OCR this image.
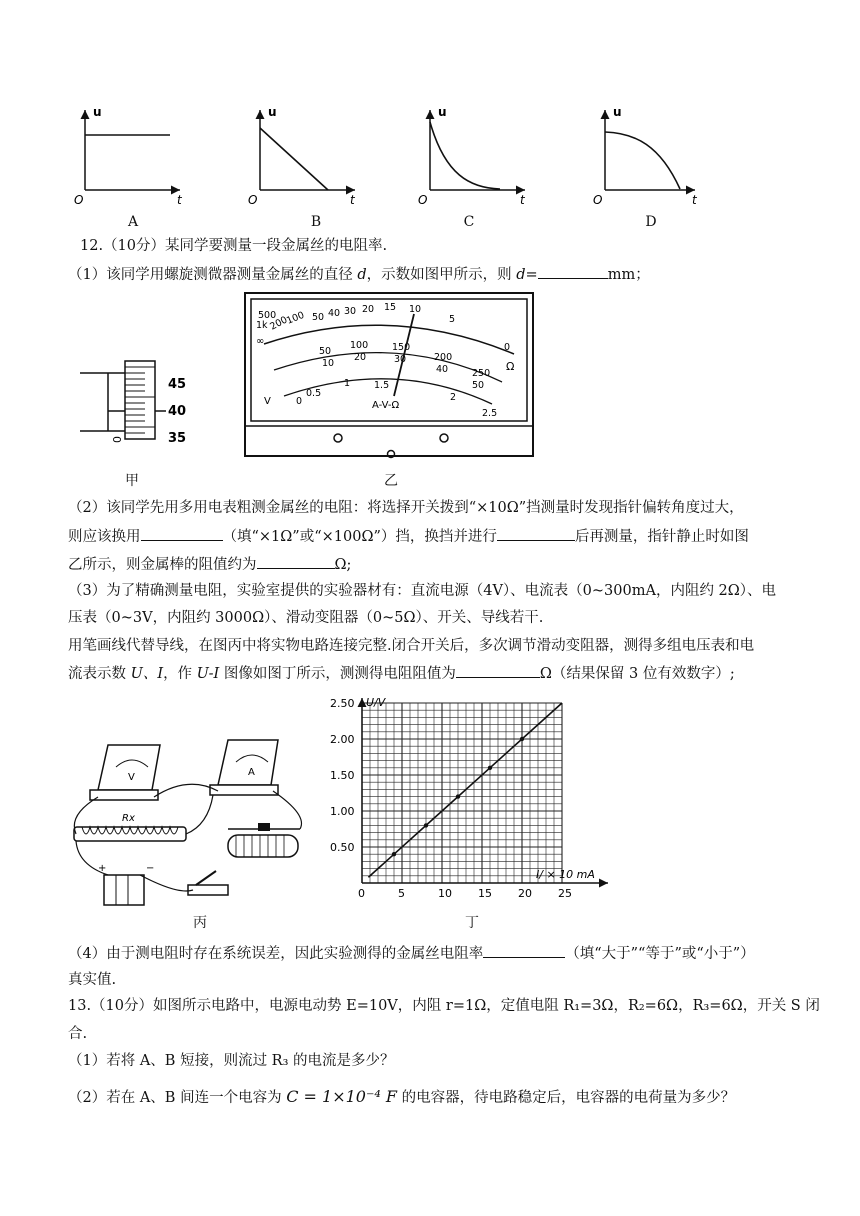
u
t
O
u
t
O
u
t
O
u
t
O
A	B	C	D
12.（10分）某同学要测量一段金属丝的电阻率.
（1）该同学用螺旋测微器测量金属丝的直径 d，示数如图甲所示，则 d=	mm；
0
45
40
35
甲
500
1k 200
100 50 40 30 20 15 10
5
0
∞
Ω
50
100	150
200
250
10
20	30
40
50
0
0.5
1	1.5
2
2.5
V	A-V-Ω
乙
（2）该同学先用多用电表粗测金属丝的电阻：将选择开关拨到“×10Ω”挡测量时发现指针偏转角度过大，
则应该换用	（填“×1Ω”或“×100Ω”）挡，换挡并进行	后再测量，指针静止时如图
乙所示，则金属棒的阻值约为	Ω;
（3）为了精确测量电阻，实验室提供的实验器材有：直流电源（4V）、电流表（0~300mA，内阻约 2Ω）、电
压表（0~3V，内阻约 3000Ω）、滑动变阻器（0~5Ω）、开关、导线若干.
用笔画线代替导线，在图丙中将实物电路连接完整.闭合开关后，多次调节滑动变阻器，测得多组电压表和电
流表示数 U、I，作 U-I 图像如图丁所示，测测得电阻阻值为	Ω（结果保留 3 位有效数字）;
V	A
Rx
+	−
丙
U/V
I/ × 10 mA
0	5	10 15 20 25
0.50
1.00
1.50
2.00
2.50
丁
（4）由于测电阻时存在系统误差，因此实验测得的金属丝电阻率	（填“大于”“等于”或“小于”）
真实值.
13.（10分）如图所示电路中，电源电动势 E=10V，内阻 r=1Ω，定值电阻 R₁=3Ω，R₂=6Ω，R₃=6Ω，开关 S 闭
合.
（1）若将 A、B 短接，则流过 R₃ 的电流是多少？
（2）若在 A、B 间连一个电容为 C = 1×10⁻⁴ F 的电容器，待电路稳定后，电容器的电荷量为多少？
